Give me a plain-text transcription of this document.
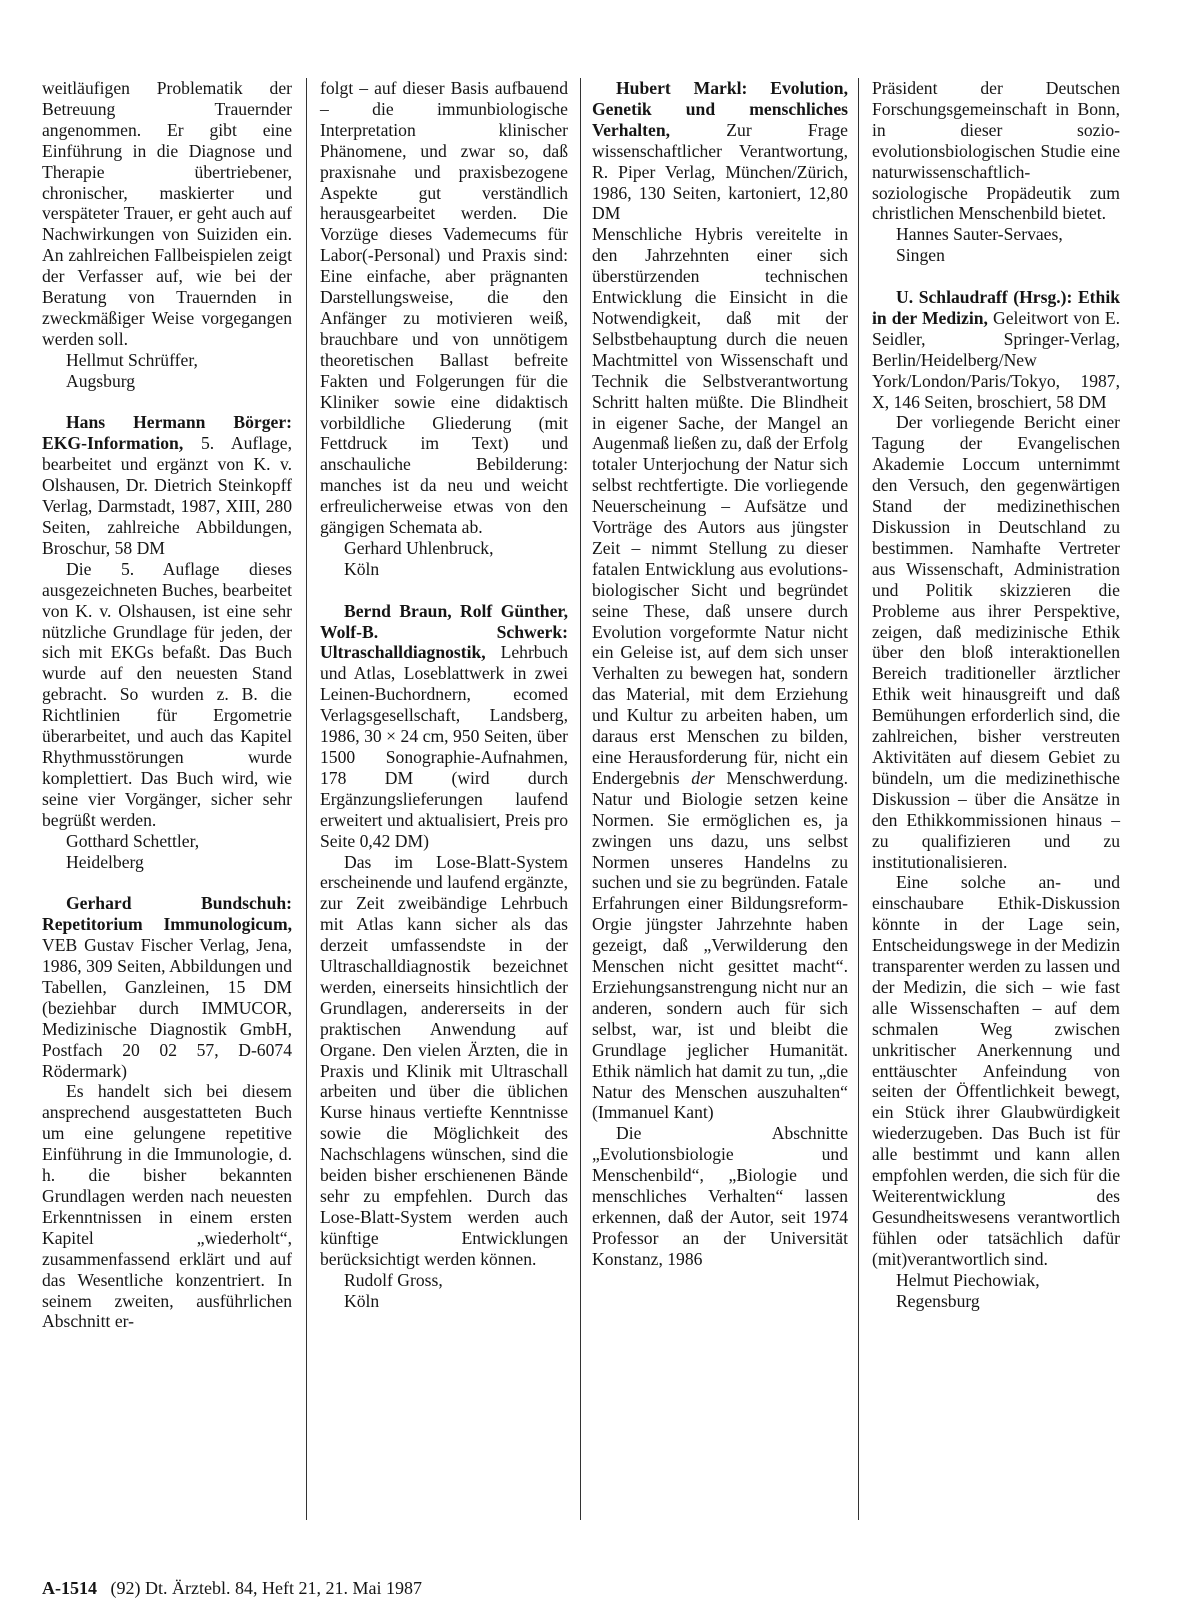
weitläufigen Problematik der Betreuung Trauernder angenommen. Er gibt eine Einführung in die Diagnose und Therapie übertriebener, chronischer, maskierter und verspäteter Trauer, er geht auch auf Nachwirkungen von Suiziden ein. An zahlreichen Fallbeispielen zeigt der Verfasser auf, wie bei der Beratung von Trauernden in zweckmäßiger Weise vorgegangen werden soll.

Hellmut Schrüffer,

Augsburg

Hans Hermann Börger: EKG-Information, 5. Auflage, bearbeitet und ergänzt von K. v. Olshausen, Dr. Dietrich Steinkopff Verlag, Darmstadt, 1987, XIII, 280 Seiten, zahlreiche Abbildungen, Broschur, 58 DM

Die 5. Auflage dieses ausgezeichneten Buches, bearbeitet von K. v. Olshausen, ist eine sehr nützliche Grundlage für jeden, der sich mit EKGs befaßt. Das Buch wurde auf den neuesten Stand gebracht. So wurden z. B. die Richtlinien für Ergometrie überarbeitet, und auch das Kapitel Rhythmusstörungen wurde komplettiert. Das Buch wird, wie seine vier Vorgänger, sicher sehr begrüßt werden.

Gotthard Schettler,

Heidelberg

Gerhard Bundschuh: Repetitorium Immunologicum, VEB Gustav Fischer Verlag, Jena, 1986, 309 Seiten, Abbildungen und Tabellen, Ganzleinen, 15 DM (beziehbar durch IMMUCOR, Medizinische Diagnostik GmbH, Postfach 20 02 57, D-6074 Rödermark)

Es handelt sich bei diesem ansprechend ausgestatteten Buch um eine gelungene repetitive Einführung in die Immunologie, d. h. die bisher bekannten Grundlagen werden nach neuesten Erkenntnissen in einem ersten Kapitel „wiederholt“, zusammenfassend erklärt und auf das Wesentliche konzentriert. In seinem zweiten, ausführlichen Abschnitt er-

folgt – auf dieser Basis aufbauend – die immunbiologische Interpretation klinischer Phänomene, und zwar so, daß praxisnahe und praxisbezogene Aspekte gut verständlich herausgearbeitet werden. Die Vorzüge dieses Vademecums für Labor(-Personal) und Praxis sind: Eine einfache, aber prägnanten Darstellungsweise, die den Anfänger zu motivieren weiß, brauchbare und von unnötigem theoretischen Ballast befreite Fakten und Folgerungen für die Kliniker sowie eine didaktisch vorbildliche Gliederung (mit Fettdruck im Text) und anschauliche Bebilderung: manches ist da neu und weicht erfreulicherweise etwas von den gängigen Schemata ab.

Gerhard Uhlenbruck,

Köln

Bernd Braun, Rolf Günther, Wolf-B. Schwerk: Ultraschalldiagnostik, Lehrbuch und Atlas, Loseblattwerk in zwei Leinen-Buchordnern, ecomed Verlagsgesellschaft, Landsberg, 1986, 30 × 24 cm, 950 Seiten, über 1500 Sonographie-Aufnahmen, 178 DM (wird durch Ergänzungslieferungen laufend erweitert und aktualisiert, Preis pro Seite 0,42 DM)

Das im Lose-Blatt-System erscheinende und laufend ergänzte, zur Zeit zweibändige Lehrbuch mit Atlas kann sicher als das derzeit umfassendste in der Ultraschalldiagnostik bezeichnet werden, einerseits hinsichtlich der Grundlagen, andererseits in der praktischen Anwendung auf Organe. Den vielen Ärzten, die in Praxis und Klinik mit Ultraschall arbeiten und über die üblichen Kurse hinaus vertiefte Kenntnisse sowie die Möglichkeit des Nachschlagens wünschen, sind die beiden bisher erschienenen Bände sehr zu empfehlen. Durch das Lose-Blatt-System werden auch künftige Entwicklungen berücksichtigt werden können.

Rudolf Gross,

Köln

Hubert Markl: Evolution, Genetik und menschliches Verhalten, Zur Frage wissenschaftlicher Verantwortung, R. Piper Verlag, München/Zürich, 1986, 130 Seiten, kartoniert, 12,80 DM

Menschliche Hybris vereitelte in den Jahrzehnten einer sich überstürzenden technischen Entwicklung die Einsicht in die Notwendigkeit, daß mit der Selbstbehauptung durch die neuen Machtmittel von Wissenschaft und Technik die Selbstverantwortung Schritt halten müßte. Die Blindheit in eigener Sache, der Mangel an Augenmaß ließen zu, daß der Erfolg totaler Unterjochung der Natur sich selbst rechtfertigte. Die vorliegende Neuerscheinung – Aufsätze und Vorträge des Autors aus jüngster Zeit – nimmt Stellung zu dieser fatalen Entwicklung aus evolutions-biologischer Sicht und begründet seine These, daß unsere durch Evolution vorgeformte Natur nicht ein Geleise ist, auf dem sich unser Verhalten zu bewegen hat, sondern das Material, mit dem Erziehung und Kultur zu arbeiten haben, um daraus erst Menschen zu bilden, eine Herausforderung für, nicht ein Endergebnis der Menschwerdung. Natur und Biologie setzen keine Normen. Sie ermöglichen es, ja zwingen uns dazu, uns selbst Normen unseres Handelns zu suchen und sie zu begründen. Fatale Erfahrungen einer Bildungsreform-Orgie jüngster Jahrzehnte haben gezeigt, daß „Verwilderung den Menschen nicht gesittet macht“. Erziehungsanstrengung nicht nur an anderen, sondern auch für sich selbst, war, ist und bleibt die Grundlage jeglicher Humanität. Ethik nämlich hat damit zu tun, „die Natur des Menschen auszuhalten“ (Immanuel Kant)

Die Abschnitte „Evolutionsbiologie und Menschenbild“, „Biologie und menschliches Verhalten“ lassen erkennen, daß der Autor, seit 1974 Professor an der Universität Konstanz, 1986

Präsident der Deutschen Forschungsgemeinschaft in Bonn, in dieser sozio-evolutionsbiologischen Studie eine naturwissenschaftlich-soziologische Propädeutik zum christlichen Menschenbild bietet.

Hannes Sauter-Servaes,

Singen

U. Schlaudraff (Hrsg.): Ethik in der Medizin, Geleitwort von E. Seidler, Springer-Verlag, Berlin/Heidelberg/New York/London/Paris/Tokyo, 1987, X, 146 Seiten, broschiert, 58 DM

Der vorliegende Bericht einer Tagung der Evangelischen Akademie Loccum unternimmt den Versuch, den gegenwärtigen Stand der medizinethischen Diskussion in Deutschland zu bestimmen. Namhafte Vertreter aus Wissenschaft, Administration und Politik skizzieren die Probleme aus ihrer Perspektive, zeigen, daß medizinische Ethik über den bloß interaktionellen Bereich traditioneller ärztlicher Ethik weit hinausgreift und daß Bemühungen erforderlich sind, die zahlreichen, bisher verstreuten Aktivitäten auf diesem Gebiet zu bündeln, um die medizinethische Diskussion – über die Ansätze in den Ethikkommissionen hinaus – zu qualifizieren und zu institutionalisieren.

Eine solche an- und einschaubare Ethik-Diskussion könnte in der Lage sein, Entscheidungswege in der Medizin transparenter werden zu lassen und der Medizin, die sich – wie fast alle Wissenschaften – auf dem schmalen Weg zwischen unkritischer Anerkennung und enttäuschter Anfeindung von seiten der Öffentlichkeit bewegt, ein Stück ihrer Glaubwürdigkeit wiederzugeben. Das Buch ist für alle bestimmt und kann allen empfohlen werden, die sich für die Weiterentwicklung des Gesundheitswesens verantwortlich fühlen oder tatsächlich dafür (mit)verantwortlich sind.

Helmut Piechowiak,

Regensburg

A-1514 (92) Dt. Ärztebl. 84, Heft 21, 21. Mai 1987
